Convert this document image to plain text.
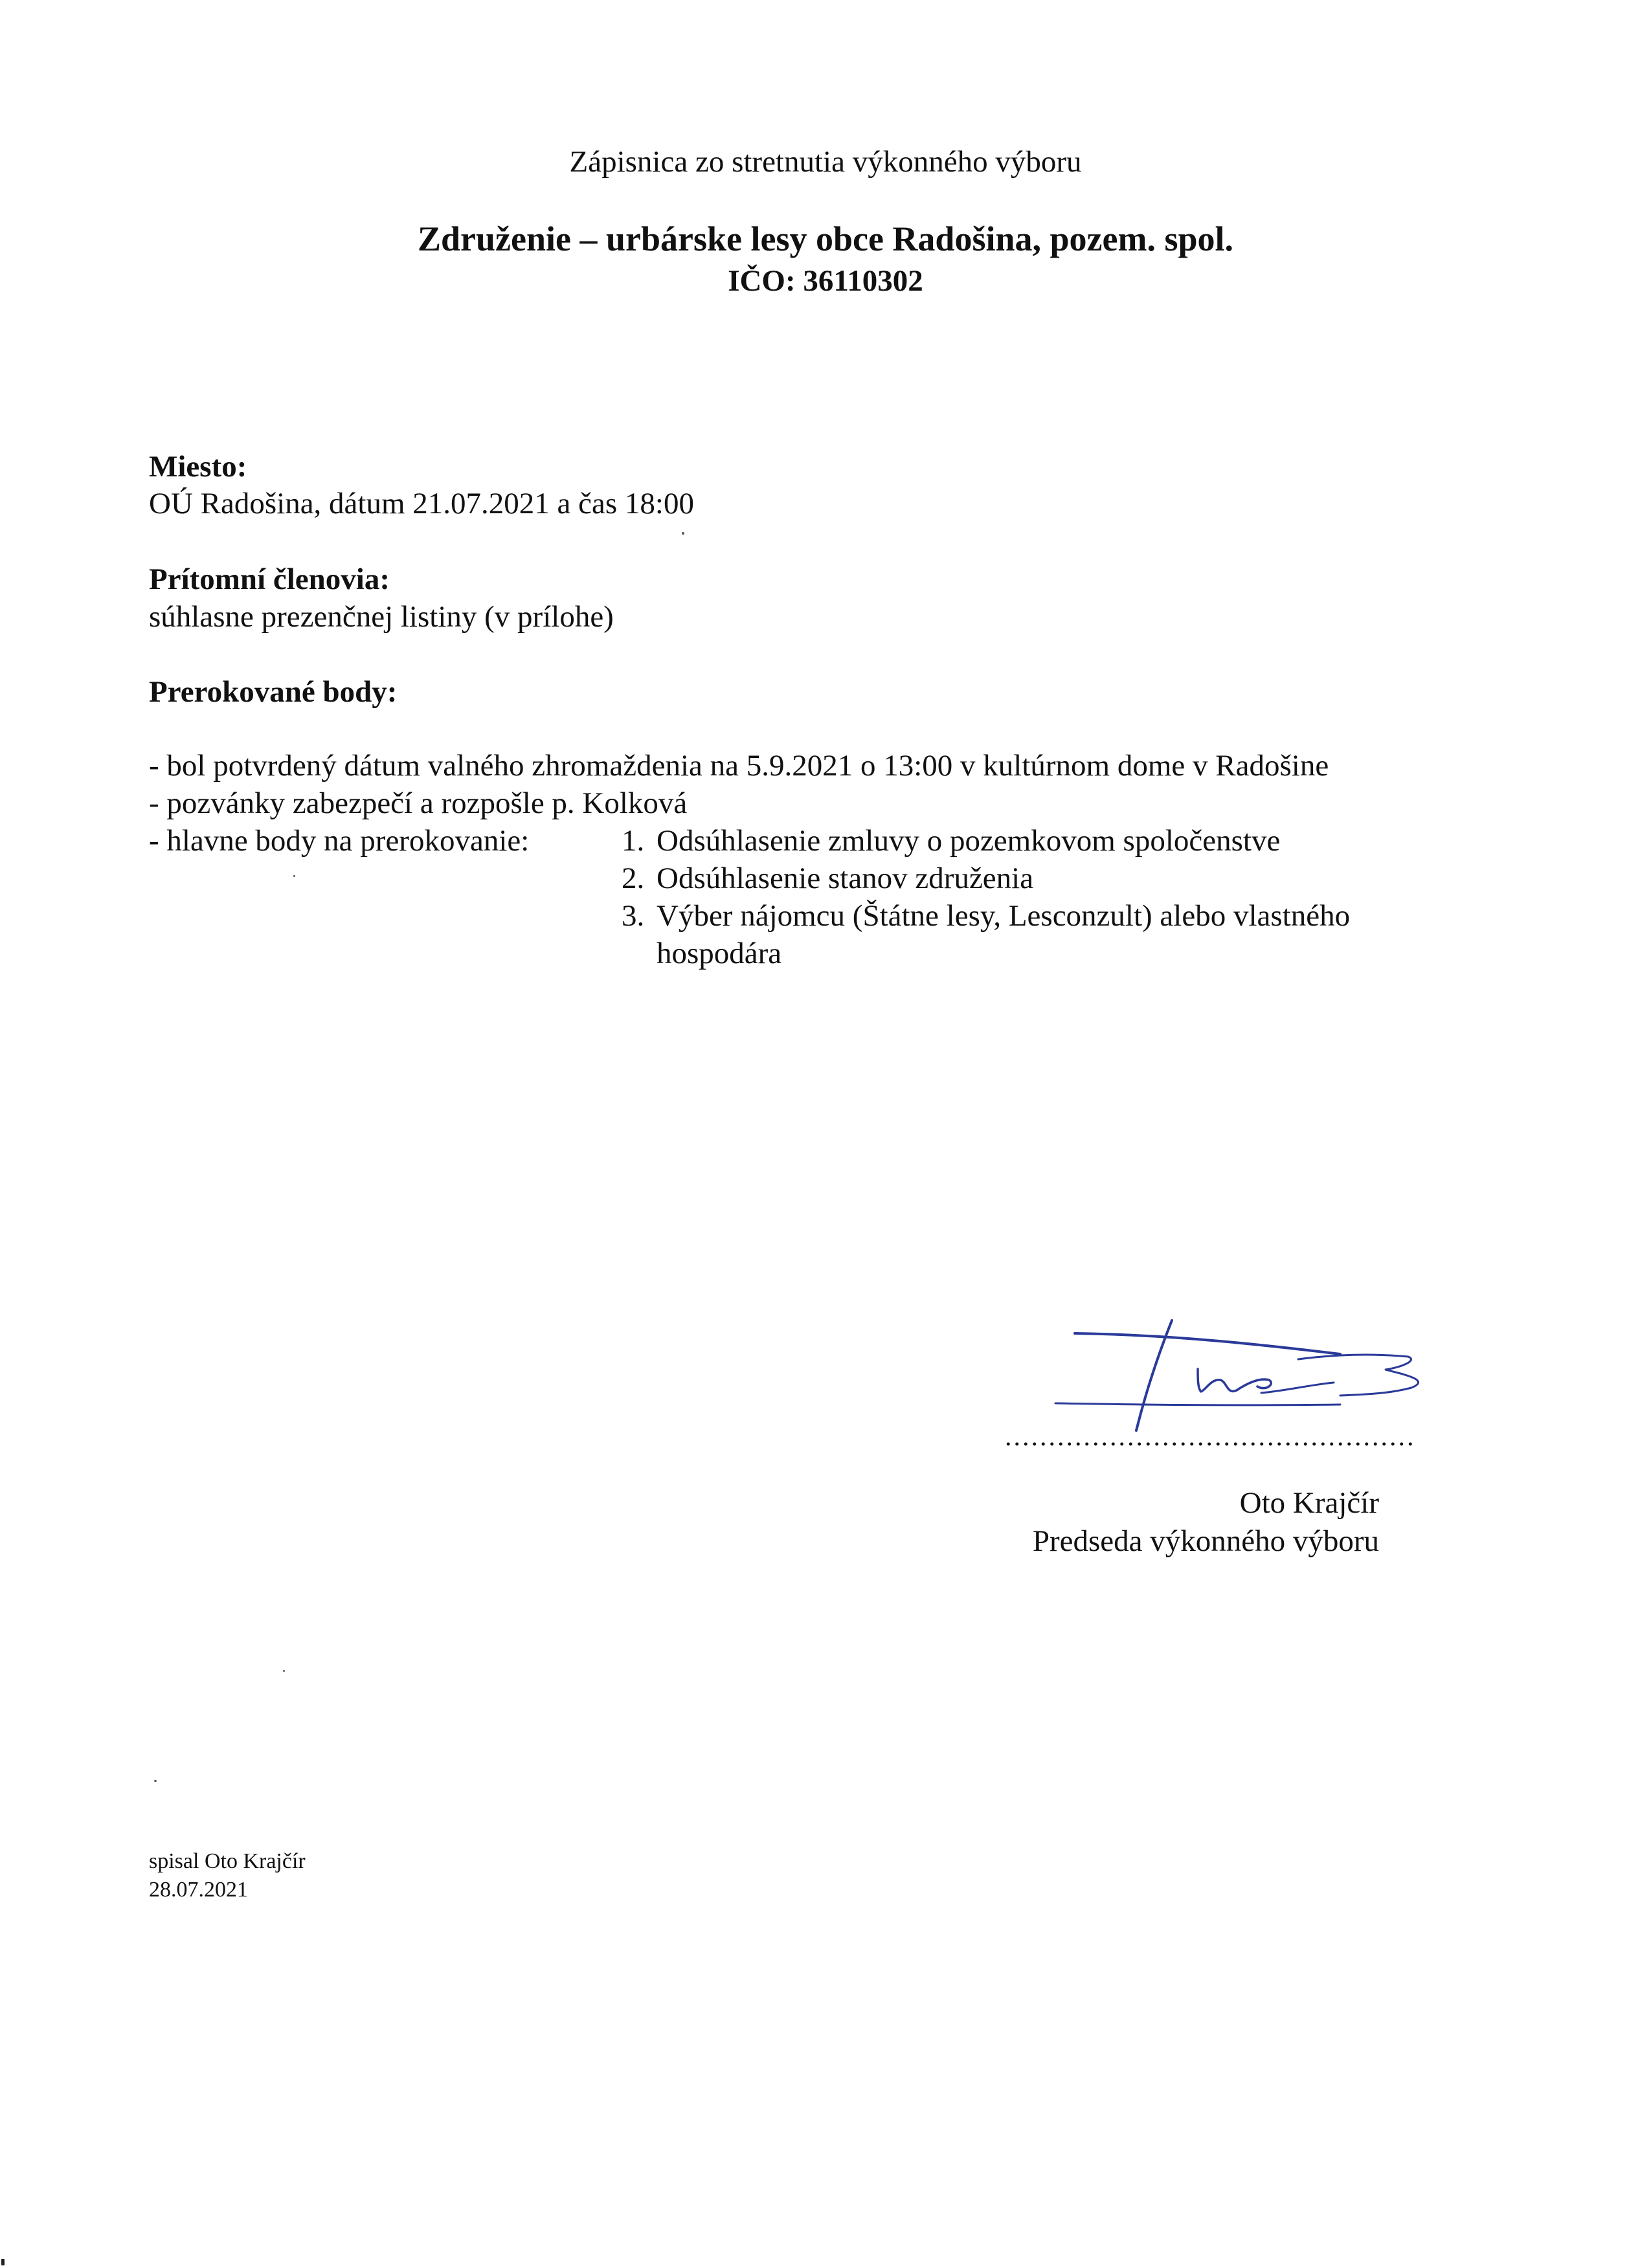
Zápisnica zo stretnutia výkonného výboru
Združenie – urbárske lesy obce Radošina, pozem. spol.
IČO: 36110302
Miesto:
OÚ Radošina, dátum 21.07.2021 a čas 18:00
Prítomní členovia:
súhlasne prezenčnej listiny (v prílohe)
Prerokované body:
- bol potvrdený dátum valného zhromaždenia na 5.9.2021 o 13:00 v kultúrnom dome v Radošine
- pozvánky zabezpečí a rozpošle p. Kolková
- hlavne body na prerokovanie:	1. Odsúhlasenie zmluvy o pozemkovom spoločenstve
2. Odsúhlasenie stanov združenia
3. Výber nájomcu (Štátne lesy, Lesconzult) alebo vlastného
hospodára
...............................................
Oto Krajčír
Predseda výkonného výboru
spisal Oto Krajčír
28.07.2021
